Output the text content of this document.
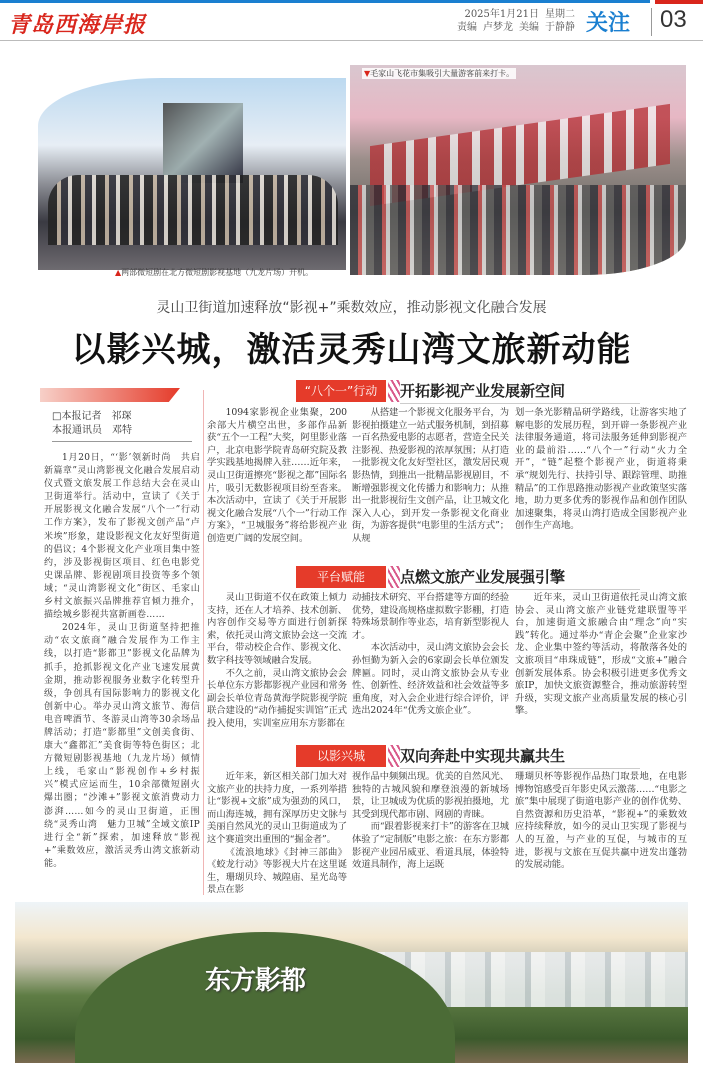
青岛西海岸报	2025年1月21日 星期二
责编 卢梦龙 美编 于静静 关注 03
▲两部微短剧在北方微短剧影视基地（九龙片场）开机。
▼毛家山飞花市集吸引大量游客前来打卡。
灵山卫街道加速释放“影视+”乘数效应，推动影视文化融合发展
以影兴城，激活灵秀山湾文旅新动能
□本报记者 祁琛
本报通讯员 邓特

1月20日，“‘影’领新时尚　共启新篇章”灵山湾影视文化融合发展启动仪式暨文旅发展工作总结大会在灵山卫街道举行。活动中，宣读了《关于开展影视文化融合发展“八个一”行动工作方案》，发布了影视文创产品“卢米埃”形象，建设影视文化友好型街道的倡议；4个影视文化产业项目集中签约，涉及影视街区项目、红色电影党史课品牌、影视剧项目投资等多个领域；“灵山湾影视文化”街区、毛家山乡村文旅振兴品牌推荐官倾力推介，描绘城乡影视共富新画卷……

2024年，灵山卫街道坚持把推动“农文旅商”融合发展作为工作主线，以打造“影都卫”影视文化品牌为抓手，抢抓影视文化产业飞速发展黄金期，推动影视服务业数字化转型升级，争创具有国际影响力的影视文化创新中心。举办灵山湾文旅节、海信电音啤酒节、冬游灵山湾等30余场品牌活动；打造“影都里”文创美食街、康大“鑫都汇”美食街等特色街区；北方微短剧影视基地（九龙片场）倾情上线，毛家山“影视创作+乡村振兴”模式应运而生，10余部微短剧火爆出圈；“沙滩+”影视文旅消费动力澎湃……如今的灵山卫街道，正围绕“灵秀山湾　魅力卫城”全域文旅IP进行全“新”探索，加速释放“影视+”乘数效应，激活灵秀山湾文旅新动能。

“八个一”行动	开拓影视产业发展新空间

1094家影视企业集聚，200余部大片横空出世，多部作品新获“五个一工程”大奖，阿里影业落户，北京电影学院青岛研究院及教学实践基地揭牌入驻……近年来，灵山卫街道擦亮“影视之都”国际名片，吸引无数影视项目纷至沓来。本次活动中，宣读了《关于开展影视文化融合发展“八个一”行动工作方案》，“卫城服务”将给影视产业创造更广阔的发展空间。

从搭建一个影视文化服务平台，为影视拍摄建立一站式服务机制，到招募一百名热爱电影的志愿者，营造全民关注影视、热爱影视的浓厚氛围；从打造一批影视文化友好型社区，激发居民观影热情，到推出一批精品影视剧目，不断增强影视文化传播力和影响力；从推出一批影视衍生文创产品，让卫城文化深入人心，到开发一条影视文化商业街，为游客提供“电影里的生活方式”；从规

划一条光影精品研学路线，让游客实地了解电影的发展历程，到开辟一条影视产业法律服务通道，将司法服务延伸到影视产业的最前沿……“八个一”行动“火力全开”，“链”起整个影视产业，街道将秉承“规划先行、扶持引导、跟踪管理、助推精品”的工作思路推动影视产业政策坚实落地，助力更多优秀的影视作品和创作团队加速聚集，将灵山湾打造成全国影视产业创作生产高地。

平台赋能	点燃文旅产业发展强引擎

灵山卫街道不仅在政策上倾力支持，还在人才培养、技术创新、内容创作交易等方面进行创新探索，依托灵山湾文旅协会这一交流平台，带动校企合作、影视文化、数字科技等领域融合发展。

不久之前，灵山湾文旅协会会长单位东方影都影视产业园和常务副会长单位青岛黄海学院影视学院联合建设的“动作捕捉实训馆”正式投入使用，实训室应用东方影都在

动捕技术研究、平台搭建等方面的经验优势，建设高规格虚拟数字影棚，打造特殊场景制作等业态，培育新型影视人才。

本次活动中，灵山湾文旅协会会长孙恒勤为新入会的6家副会长单位颁发牌匾。同时，灵山湾文旅协会从专业性、创新性、经济效益和社会效益等多重角度，对入会企业进行综合评价，评选出2024年“优秀文旅企业”。

近年来，灵山卫街道依托灵山湾文旅协会、灵山湾文旅产业链党建联盟等平台，加速街道文旅融合由“理念”向“实践”转化。通过举办“青企会聚”企业家沙龙、企业集中签约等活动，将散落各处的文旅项目“串珠成链”，形成“文旅+”融合创新发展体系。协会积极引进更多优秀文旅IP，加快文旅资源整合，推动旅游转型升级，实现文旅产业高质量发展的核心引擎。

以影兴城	双向奔赴中实现共赢共生

近年来，新区相关部门加大对文旅产业的扶持力度，一系列举措让“影视+文旅”成为强劲的风口，而山海连城，拥有深厚历史文脉与美丽自然风光的灵山卫街道成为了这个赛道突出重围的“掘金者”。

《流浪地球》《封神三部曲》《蛟龙行动》等影视大片在这里诞生，珊瑚贝玲、城隍庙、星光岛等景点在影

视作品中频频出现。优美的自然风光、独特的古城风貌和摩登浪漫的新城场景，让卫城成为优质的影视拍摄地，尤其受到现代都市剧、网剧的青睐。

而“跟着影视来打卡”的游客在卫城体验了“定制版”电影之旅：在东方影都影视产业园吊威亚、看道具展，体验特效道具制作，海上运既

珊瑚贝杯等影视作品热门取景地，在电影博物馆感受百年影史风云激荡……“电影之旅”集中展现了街道电影产业的创作优势、自然资源和历史沿革，“影视+”的乘数效应持续释放，如今的灵山卫实现了影视与人的互盈，与产业的互促，与城市的互进，影视与文旅在互促共赢中迸发出蓬勃的发展动能。

东方影都
